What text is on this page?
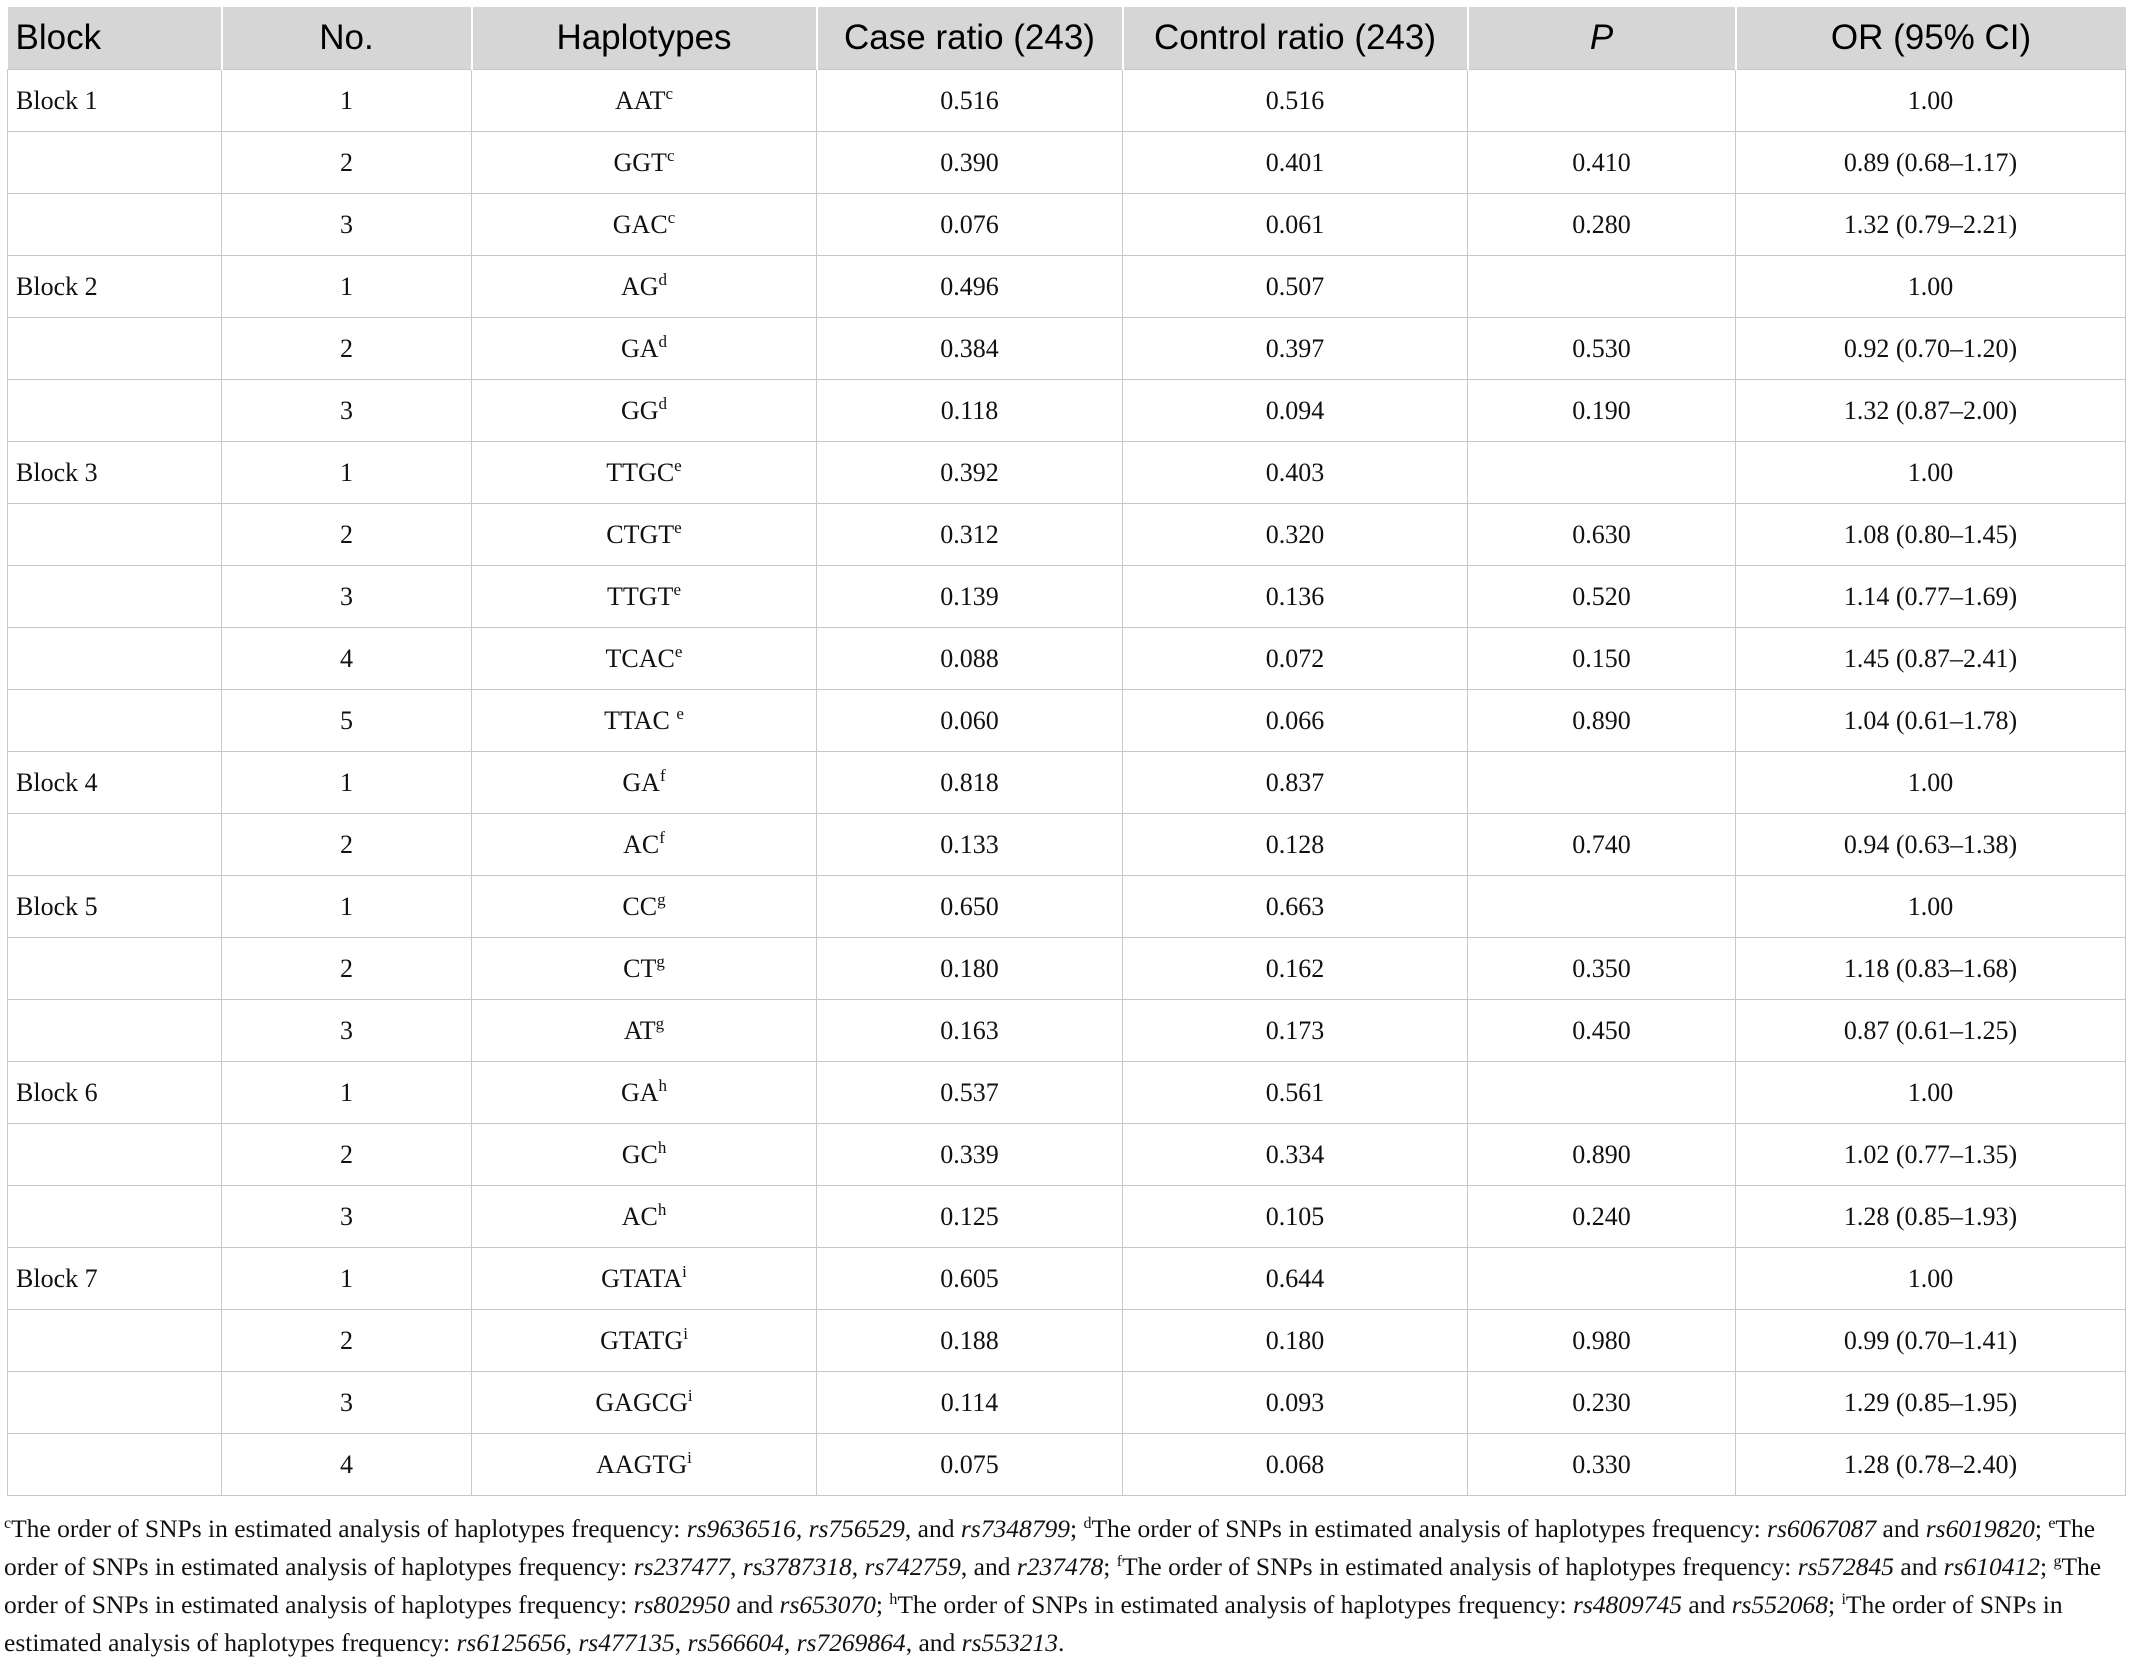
Block	No.	Haplotypes	Case ratio (243)	Control ratio (243)	P	OR (95% CI)
Block 1	1	AAT$^c$	0.516	0.516		1.00
	2	GGT$^c$	0.390	0.401	0.410	0.89 (0.68–1.17)
	3	GAC$^c$	0.076	0.061	0.280	1.32 (0.79–2.21)
Block 2	1	$AG^d$	0.496	0.507		1.00
	2	$GA^d$	0.384	0.397	0.530	0.92 (0.70–1.20)
	3	$GG^d$	0.118	0.094	0.190	1.32 (0.87–2.00)
Block 3	1	TTGC$^e$	0.392	0.403		1.00
	2	CTGT$^e$	0.312	0.320	0.630	1.08 (0.80–1.45)
	3	TTGT$^e$	0.139	0.136	0.520	1.14 (0.77–1.69)
	4	TCAC$^e$	0.088	0.072	0.150	1.45 (0.87–2.41)
	5	TTAC $^e$	0.060	0.066	0.890	1.04 (0.61–1.78)
Block 4	1	$GA^f$	0.818	0.837		1.00
	2	$AC^f$	0.133	0.128	0.740	0.94 (0.63–1.38)
Block 5	1	$CC^g$	0.650	0.663		1.00
	2	$CT^g$	0.180	0.162	0.350	1.18 (0.83–1.68)
	3	$AT^g$	0.163	0.173	0.450	0.87 (0.61–1.25)
Block 6	1	$GA^h$	0.537	0.561		1.00
	2	$GC^h$	0.339	0.334	0.890	1.02 (0.77–1.35)
	3	$AC^h$	0.125	0.105	0.240	1.28 (0.85–1.93)
Block 7	1	GTATA$^i$	0.605	0.644		1.00
	2	GTATG$^i$	0.188	0.180	0.980	0.99 (0.70–1.41)
	3	GAGCG$^i$	0.114	0.093	0.230	1.29 (0.85–1.95)
	4	AAGTG$^i$	0.075	0.068	0.330	1.28 (0.78–2.40)
$^c$The order of SNPs in estimated analysis of haplotypes frequency: rs9636516, rs756529, and rs7348799; $^d$The order of SNPs in estimated analysis of haplotypes frequency: rs6067087 and rs6019820; $^e$The order of SNPs in estimated analysis of haplotypes frequency: rs237477, rs3787318, rs742759, and r237478; $^f$The order of SNPs in estimated analysis of haplotypes frequency: rs572845 and rs610412; $^g$The order of SNPs in estimated analysis of haplotypes frequency: rs802950 and rs653070; $^h$The order of SNPs in estimated analysis of haplotypes frequency: rs4809745 and rs552068; $^i$The order of SNPs in estimated analysis of haplotypes frequency: rs6125656, rs477135, rs566604, rs7269864, and rs553213.
